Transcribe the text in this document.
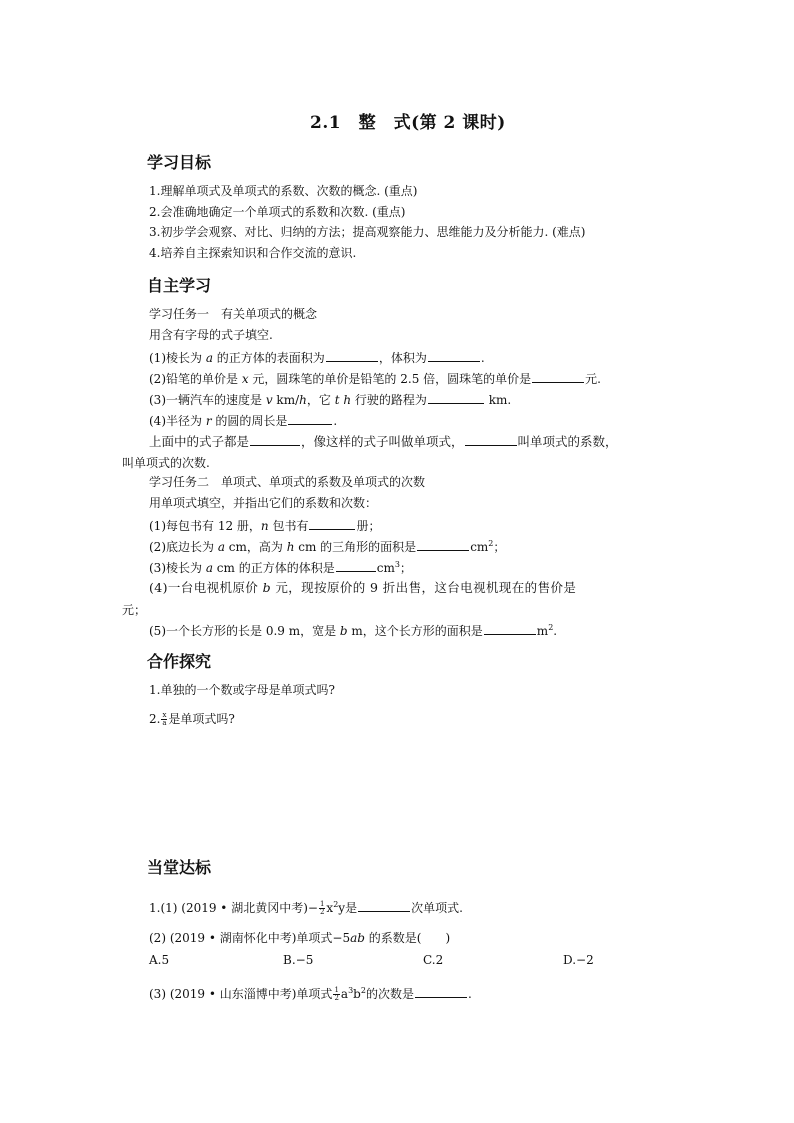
2.1　整　式(第 2 课时)
学习目标
1.理解单项式及单项式的系数、次数的概念. (重点)
2.会准确地确定一个单项式的系数和次数. (重点)
3.初步学会观察、对比、归纳的方法；提高观察能力、思维能力及分析能力. (难点)
4.培养自主探索知识和合作交流的意识.
自主学习
学习任务一　有关单项式的概念
用含有字母的式子填空.
(1)棱长为 a 的正方体的表面积为	，体积为	.
(2)铅笔的单价是 x 元，圆珠笔的单价是铅笔的 2.5 倍，圆珠笔的单价是	元.
(3)一辆汽车的速度是 v km/h，它 t h 行驶的路程为	km.
(4)半径为 r 的圆的周长是	.
上面中的式子都是	，像这样的式子叫做单项式，	叫单项式的系数，
叫单项式的次数.
学习任务二　单项式、单项式的系数及单项式的次数
用单项式填空，并指出它们的系数和次数：
(1)每包书有 12 册，n 包书有	册；
(2)底边长为 a cm，高为 h cm 的三角形的面积是	$cm^2$；
(3)棱长为 a cm 的正方体的体积是	$cm^3$；
(4)一台电视机原价 b 元，现按原价的 9 折出售，这台电视机现在的售价是
元；
(5)一个长方形的长是 0.9 m，宽是 b m，这个长方形的面积是	$m^2$.
合作探究
1.单独的一个数或字母是单项式吗?
2. $\frac{x}{a}$ 是单项式吗?
当堂达标
1.(1) (2019 • 湖北黄冈中考)− $\frac{1}{2} x^2y$是	次单项式.
(2) (2019 • 湖南怀化中考)单项式−5ab 的系数是(　　)
A.5	B.−5	C.2	D.−2
(3) (2019 • 山东淄博中考)单项式 $\frac{1}{2} a^3b^2$的次数是	.
